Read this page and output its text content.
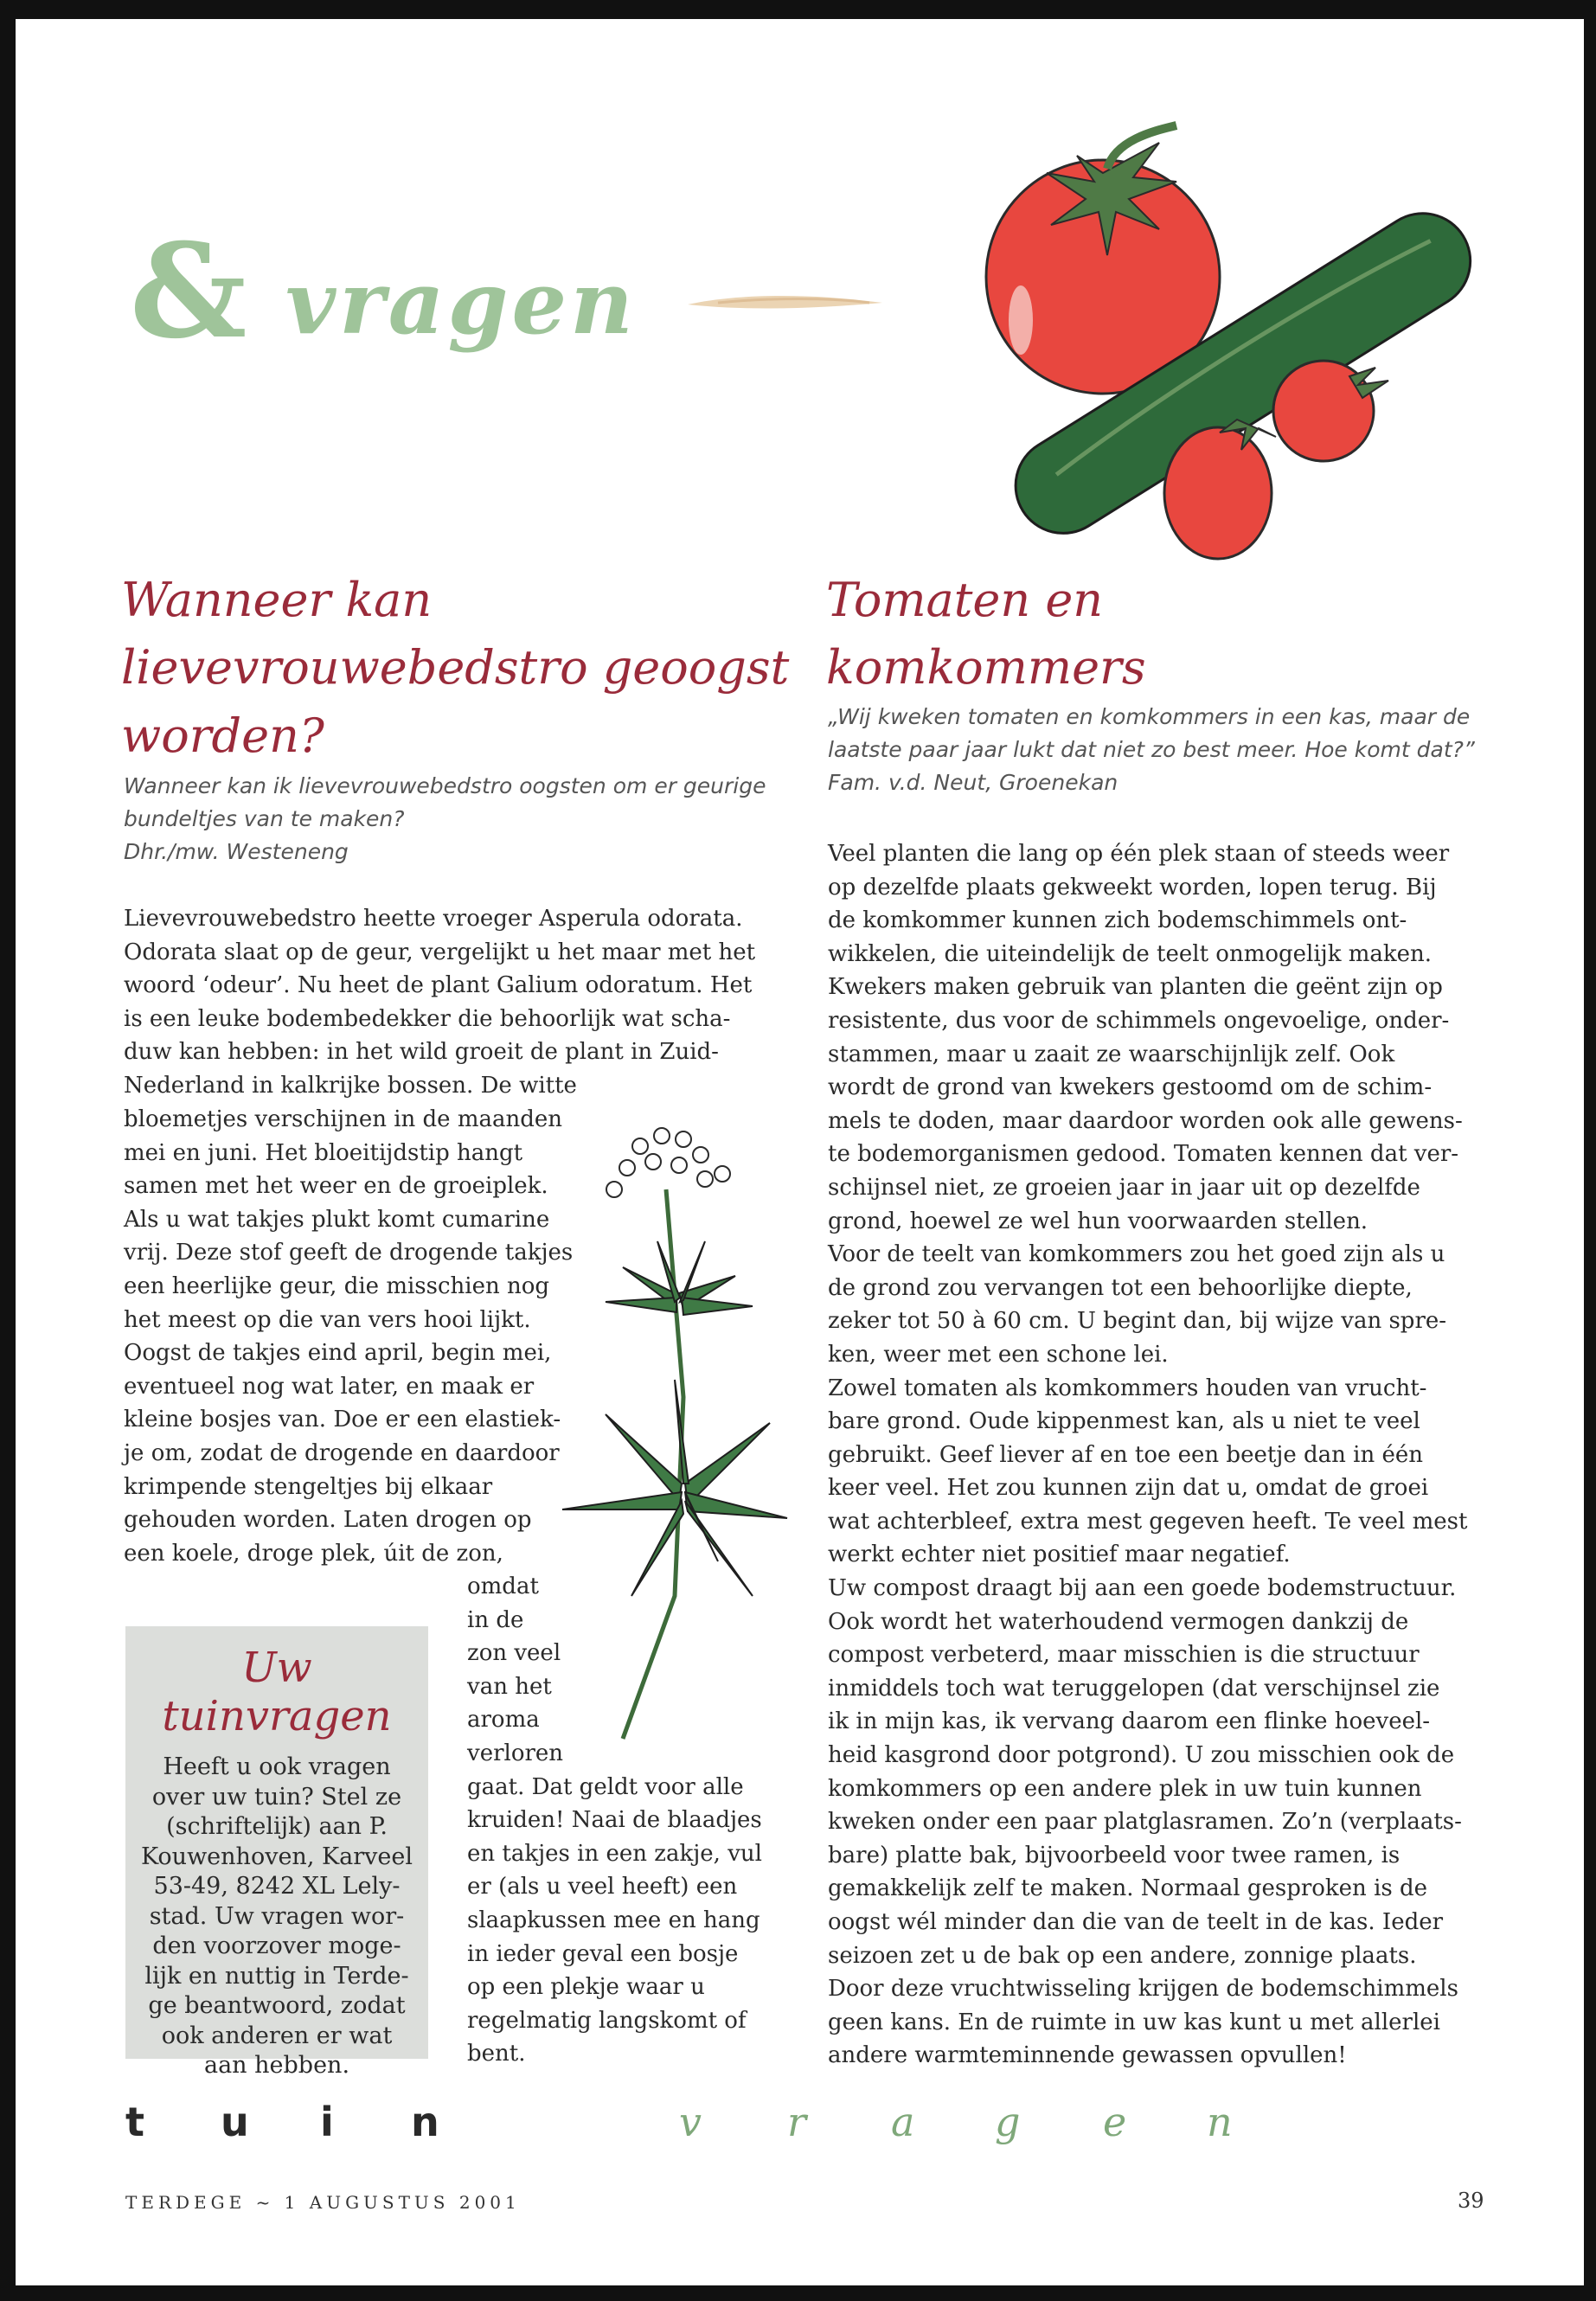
& vragen
Wanneer kan lievevrouwebedstro geoogst worden?
Tomaten en komkommers

Wanneer kan ik lievevrouwebedstro oogsten om er geurige
bundeltjes van te maken?
Dhr./mw. Westeneng

„Wij kweken tomaten en komkommers in een kas, maar de
laatste paar jaar lukt dat niet zo best meer. Hoe komt dat?”
Fam. v.d. Neut, Groenekan

Lievevrouwebedstro heette vroeger Asperula odorata.
Odorata slaat op de geur, vergelijkt u het maar met het
woord ‘odeur’. Nu heet de plant Galium odoratum. Het
is een leuke bodembedekker die behoorlijk wat scha-
duw kan hebben: in het wild groeit de plant in Zuid-
Nederland in kalkrijke bossen. De witte

bloemetjes verschijnen in de maanden
mei en juni. Het bloeitijdstip hangt
samen met het weer en de groeiplek.
Als u wat takjes plukt komt cumarine
vrij. Deze stof geeft de drogende takjes
een heerlijke geur, die misschien nog
het meest op die van vers hooi lijkt.
Oogst de takjes eind april, begin mei,
eventueel nog wat later, en maak er
kleine bosjes van. Doe er een elastiek-
je om, zodat de drogende en daardoor
krimpende stengeltjes bij elkaar
gehouden worden. Laten drogen op
een koele, droge plek, úit de zon,

omdat
in de
zon veel
van het
aroma
verloren
gaat. Dat geldt voor alle
kruiden! Naai de blaadjes
en takjes in een zakje, vul
er (als u veel heeft) een
slaapkussen mee en hang
in ieder geval een bosje
op een plekje waar u
regelmatig langskomt of
bent.

Veel planten die lang op één plek staan of steeds weer
op dezelfde plaats gekweekt worden, lopen terug. Bij
de komkommer kunnen zich bodemschimmels ont-
wikkelen, die uiteindelijk de teelt onmogelijk maken.
Kwekers maken gebruik van planten die geënt zijn op
resistente, dus voor de schimmels ongevoelige, onder-
stammen, maar u zaait ze waarschijnlijk zelf. Ook
wordt de grond van kwekers gestoomd om de schim-
mels te doden, maar daardoor worden ook alle gewens-
te bodemorganismen gedood. Tomaten kennen dat ver-
schijnsel niet, ze groeien jaar in jaar uit op dezelfde
grond, hoewel ze wel hun voorwaarden stellen.
Voor de teelt van komkommers zou het goed zijn als u
de grond zou vervangen tot een behoorlijke diepte,
zeker tot 50 à 60 cm. U begint dan, bij wijze van spre-
ken, weer met een schone lei.
Zowel tomaten als komkommers houden van vrucht-
bare grond. Oude kippenmest kan, als u niet te veel
gebruikt. Geef liever af en toe een beetje dan in één
keer veel. Het zou kunnen zijn dat u, omdat de groei
wat achterbleef, extra mest gegeven heeft. Te veel mest
werkt echter niet positief maar negatief.
Uw compost draagt bij aan een goede bodemstructuur.
Ook wordt het waterhoudend vermogen dankzij de
compost verbeterd, maar misschien is die structuur
inmiddels toch wat teruggelopen (dat verschijnsel zie
ik in mijn kas, ik vervang daarom een flinke hoeveel-
heid kasgrond door potgrond). U zou misschien ook de
komkommers op een andere plek in uw tuin kunnen
kweken onder een paar platglasramen. Zo’n (verplaats-
bare) platte bak, bijvoorbeeld voor twee ramen, is
gemakkelijk zelf te maken. Normaal gesproken is de
oogst wél minder dan die van de teelt in de kas. Ieder
seizoen zet u de bak op een andere, zonnige plaats.
Door deze vruchtwisseling krijgen de bodemschimmels
geen kans. En de ruimte in uw kas kunt u met allerlei
andere warmteminnende gewassen opvullen!

Uw tuinvragen

Heeft u ook vragen
over uw tuin? Stel ze
(schriftelijk) aan P.
Kouwenhoven, Karveel
53-49, 8242 XL Lely-
stad. Uw vragen wor-
den voorzover moge-
lijk en nuttig in Terde-
ge beantwoord, zodat
ook anderen er wat
aan hebben.

t u i n	v r a g e n
TERDEGE ~ 1 AUGUSTUS 2001	39
